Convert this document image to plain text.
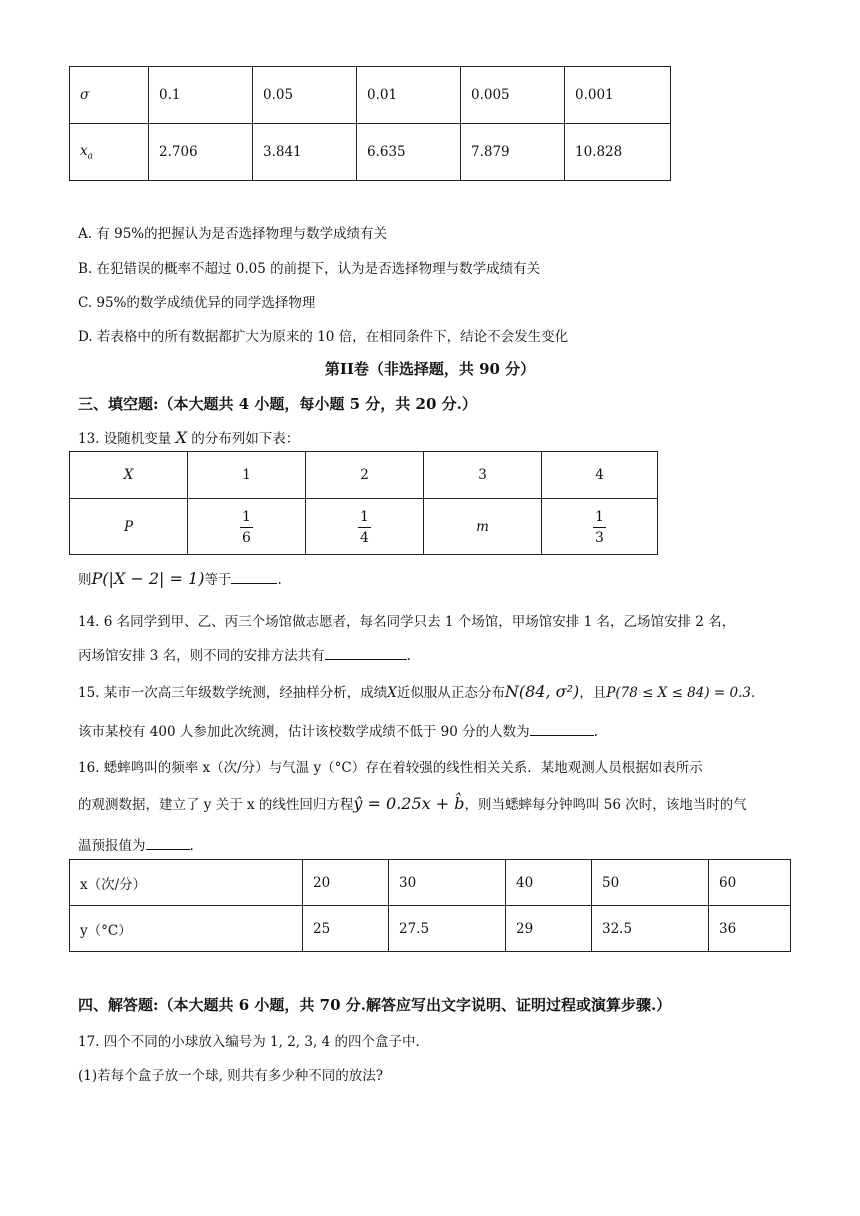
σ	0.1	0.05	0.01	0.005	0.001
$x_a$	2.706	3.841	6.635	7.879	10.828
A. 有 95%的把握认为是否选择物理与数学成绩有关
B. 在犯错误的概率不超过 0.05 的前提下，认为是否选择物理与数学成绩有关
C. 95%的数学成绩优异的同学选择物理
D. 若表格中的所有数据都扩大为原来的 10 倍，在相同条件下，结论不会发生变化
第II卷（非选择题，共 90 分）
三、填空题:（本大题共 4 小题，每小题 5 分，共 20 分.）
13. 设随机变量 X 的分布列如下表：
X	1	2	3	4
P	$\frac{1}{6}$	$\frac{1}{4}$	m	$\frac{1}{3}$
则P(|X − 2| = 1)等于	.
14. 6 名同学到甲、乙、丙三个场馆做志愿者，每名同学只去 1 个场馆，甲场馆安排 1 名，乙场馆安排 2 名，
丙场馆安排 3 名，则不同的安排方法共有	.
15. 某市一次高三年级数学统测，经抽样分析，成绩X近似服从正态分布N(84, σ²)，且P(78 ≤ X ≤ 84) = 0.3.
该市某校有 400 人参加此次统测，估计该校数学成绩不低于 90 分的人数为	.
16. 蟋蟀鸣叫的频率 x（次/分）与气温 y（°C）存在着较强的线性相关关系．某地观测人员根据如表所示
的观测数据，建立了 y 关于 x 的线性回归方程ŷ = 0.25x + b̂，则当蟋蟀每分钟鸣叫 56 次时，该地当时的气
温预报值为	.
x（次/分）	20	30	40	50	60
y（°C）	25	27.5	29	32.5	36
四、解答题:（本大题共 6 小题，共 70 分.解答应写出文字说明、证明过程或演算步骤.）
17. 四个不同的小球放入编号为 1, 2, 3, 4 的四个盒子中.
(1)若每个盒子放一个球, 则共有多少种不同的放法?
